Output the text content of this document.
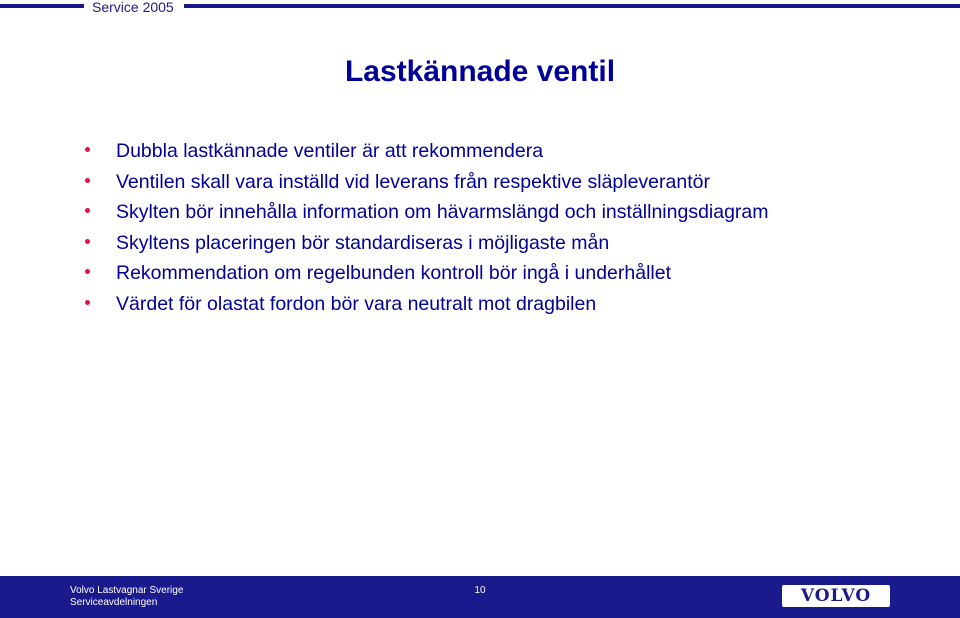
Service 2005
Lastkännade ventil
Dubbla lastkännade ventiler är att rekommendera
Ventilen skall vara inställd vid leverans från respektive släpleverantör
Skylten bör innehålla information om hävarmslängd och inställningsdiagram
Skyltens placeringen bör standardiseras i möjligaste mån
Rekommendation om regelbunden kontroll bör ingå i underhållet
Värdet för olastat fordon bör vara neutralt mot dragbilen
Volvo Lastvagnar Sverige
Serviceavdelningen
10	VOLVO
